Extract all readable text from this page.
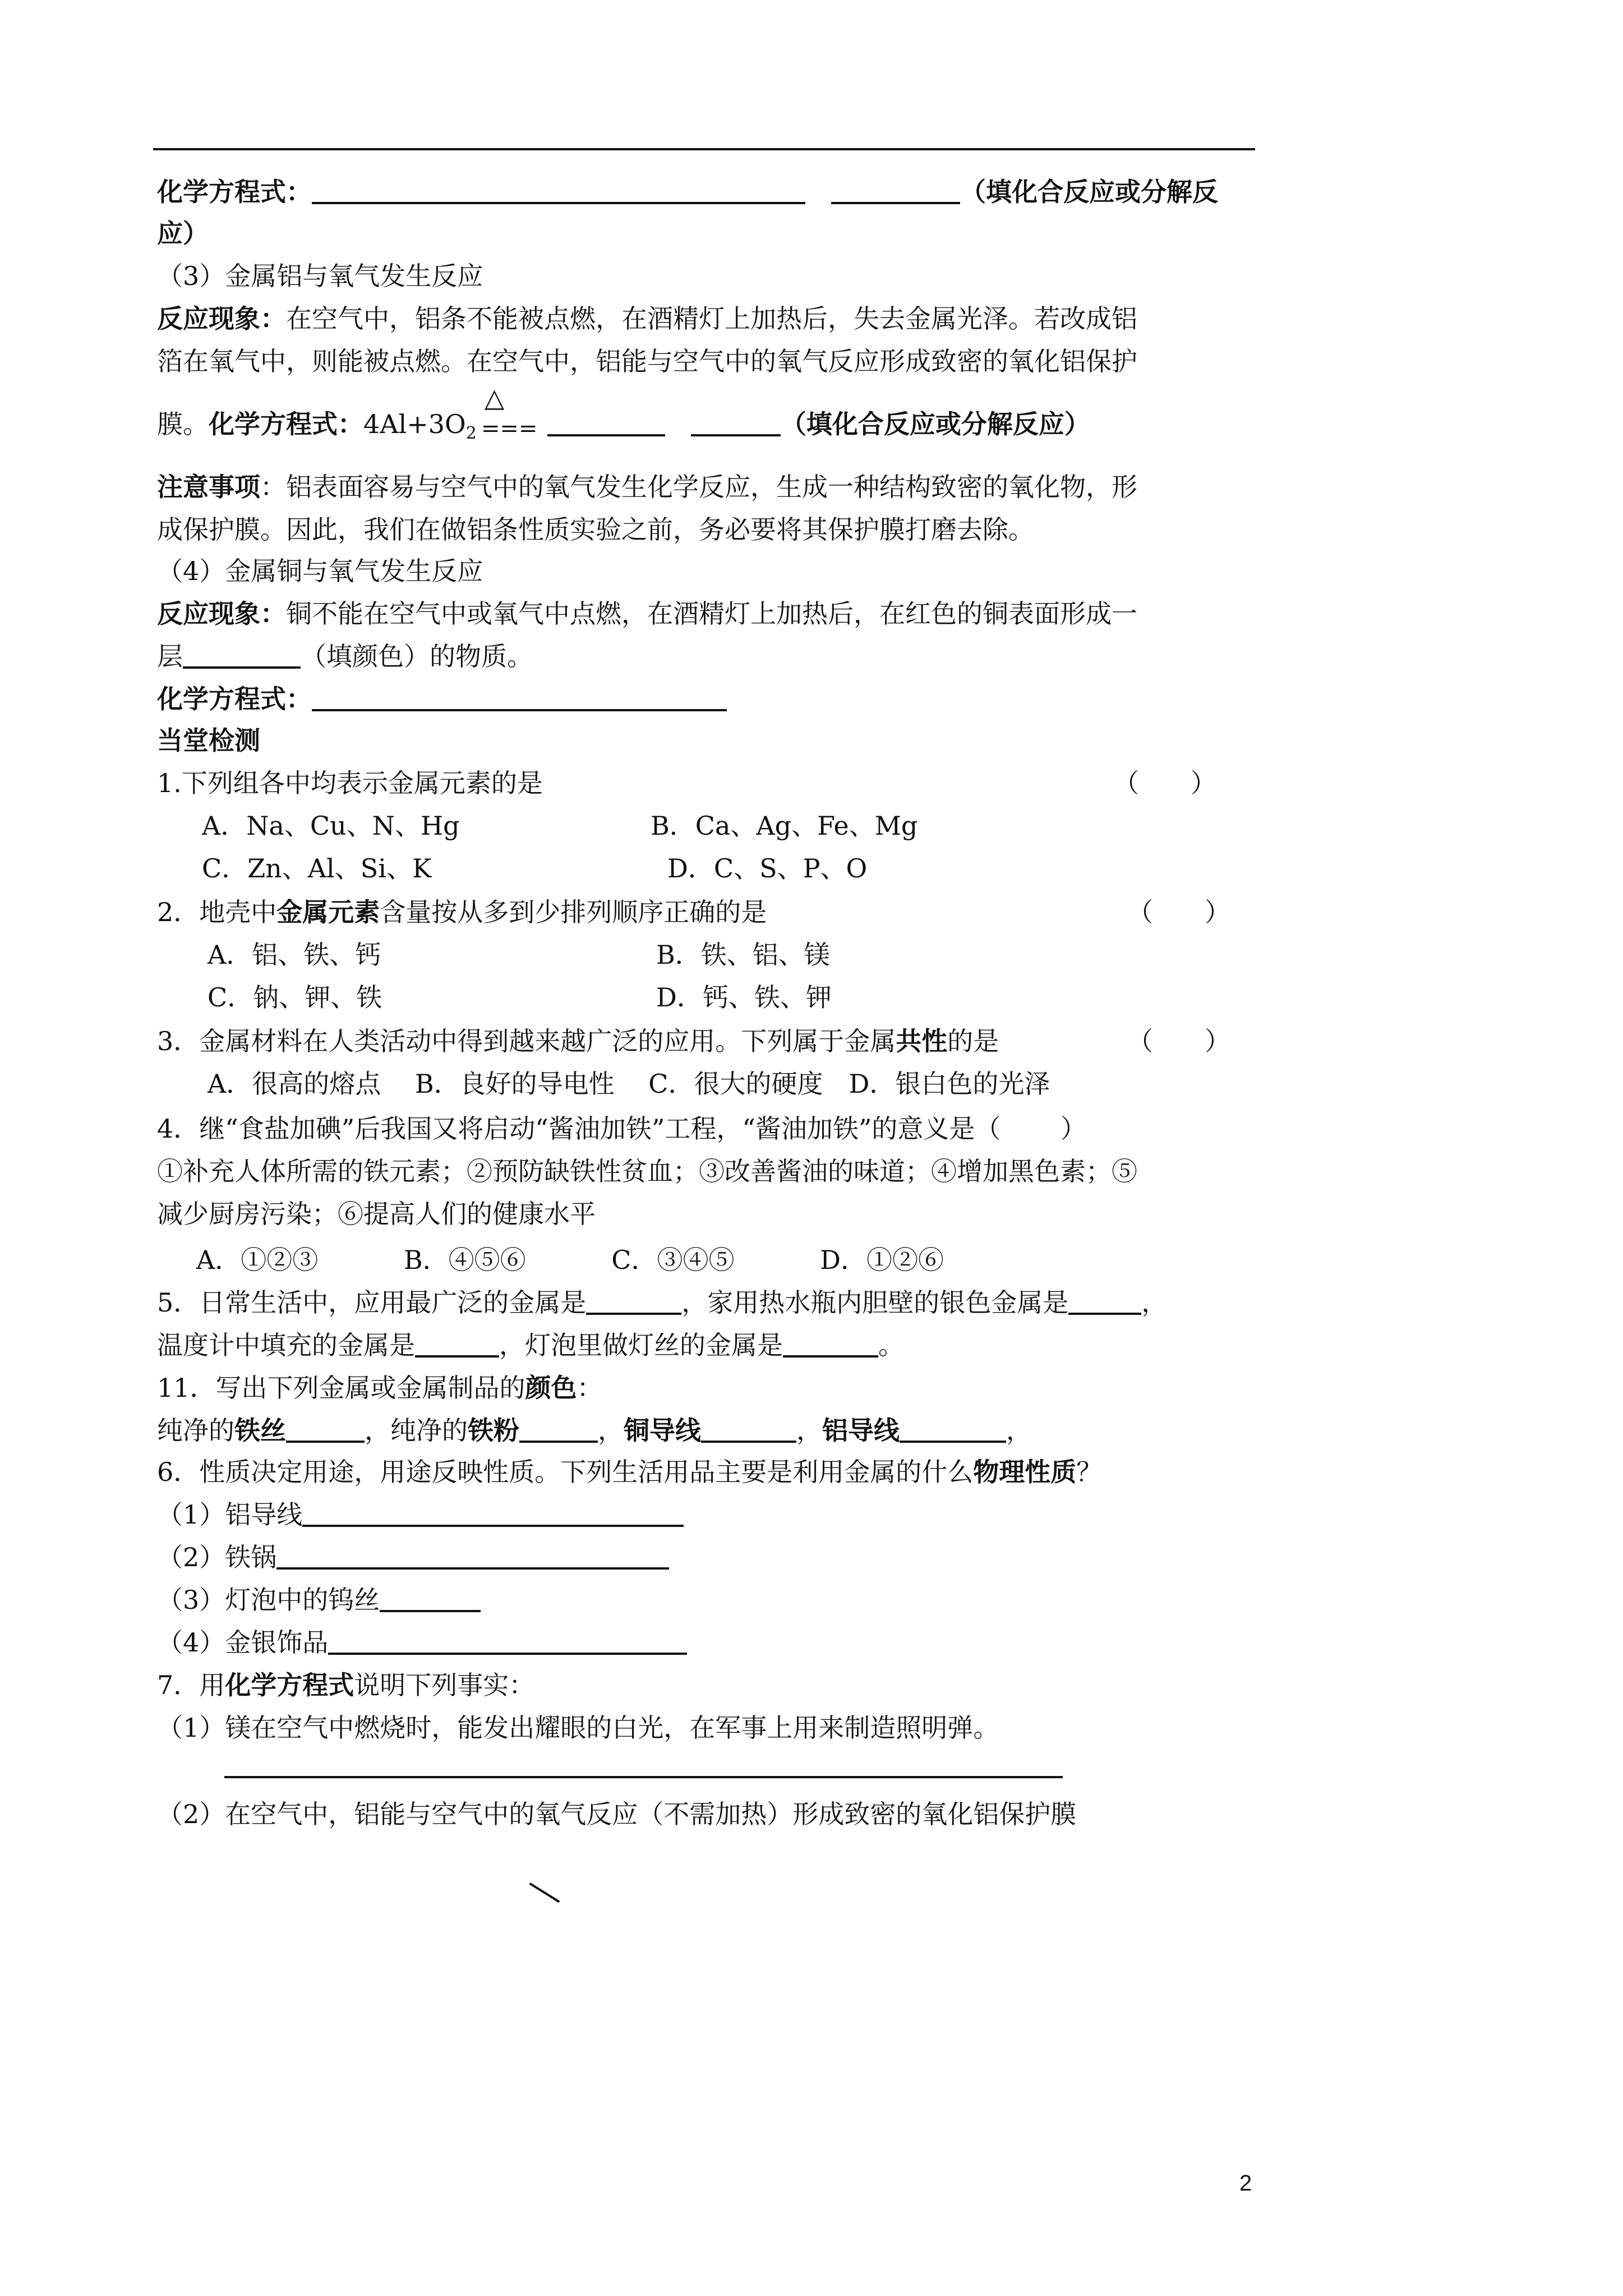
化学方程式：　	（填化合反应或分解反
应）
（3）金属铝与氧气发生反应
反应现象：在空气中，铝条不能被点燃，在酒精灯上加热后，失去金属光泽。若改成铝
箔在氧气中，则能被点燃。在空气中，铝能与空气中的氧气反应形成致密的氧化铝保护
膜。化学方程式：$4Al+3O_2$
△
===
　　	（填化合反应或分解反应）
注意事项：铝表面容易与空气中的氧气发生化学反应，生成一种结构致密的氧化物，形
成保护膜。因此，我们在做铝条性质实验之前，务必要将其保护膜打磨去除。
（4）金属铜与氧气发生反应
反应现象：铜不能在空气中或氧气中点燃，在酒精灯上加热后，在红色的铜表面形成一
层	（填颜色）的物质。
化学方程式：
当堂检测
1.下列组各中均表示金属元素的是	（　　）
A．Na、Cu、N、Hg	B．Ca、Ag、Fe、Mg
C．Zn、Al、Si、K	D．C、S、P、O
2．地壳中金属元素含量按从多到少排列顺序正确的是	（　　）
A．铝、铁、钙	B．铁、铝、镁
C．钠、钾、铁	D．钙、铁、钾
3．金属材料在人类活动中得到越来越广泛的应用。下列属于金属共性的是	（　　）
A．很高的熔点　 B．良好的导电性　 C．很大的硬度　D．银白色的光泽
4．继“食盐加碘”后我国又将启动“酱油加铁”工程，“酱油加铁”的意义是（　　 ）
①补充人体所需的铁元素；②预防缺铁性贫血；③改善酱油的味道；④增加黑色素；⑤
减少厨房污染；⑥提高人们的健康水平
A．①②③　　　 B．④⑤⑥　　　 C．③④⑤　　　 D．①②⑥
5．日常生活中，应用最广泛的金属是	，家用热水瓶内胆壁的银色金属是	，
温度计中填充的金属是	，灯泡里做灯丝的金属是	。
11．写出下列金属或金属制品的颜色：
纯净的铁丝	，纯净的铁粉	，铜导线	，铝导线	，
6．性质决定用途，用途反映性质。下列生活用品主要是利用金属的什么物理性质？
（1）铝导线
（2）铁锅
（3）灯泡中的钨丝
（4）金银饰品
7．用化学方程式说明下列事实：
（1）镁在空气中燃烧时，能发出耀眼的白光，在军事上用来制造照明弹。
（2）在空气中，铝能与空气中的氧气反应（不需加热）形成致密的氧化铝保护膜
2
